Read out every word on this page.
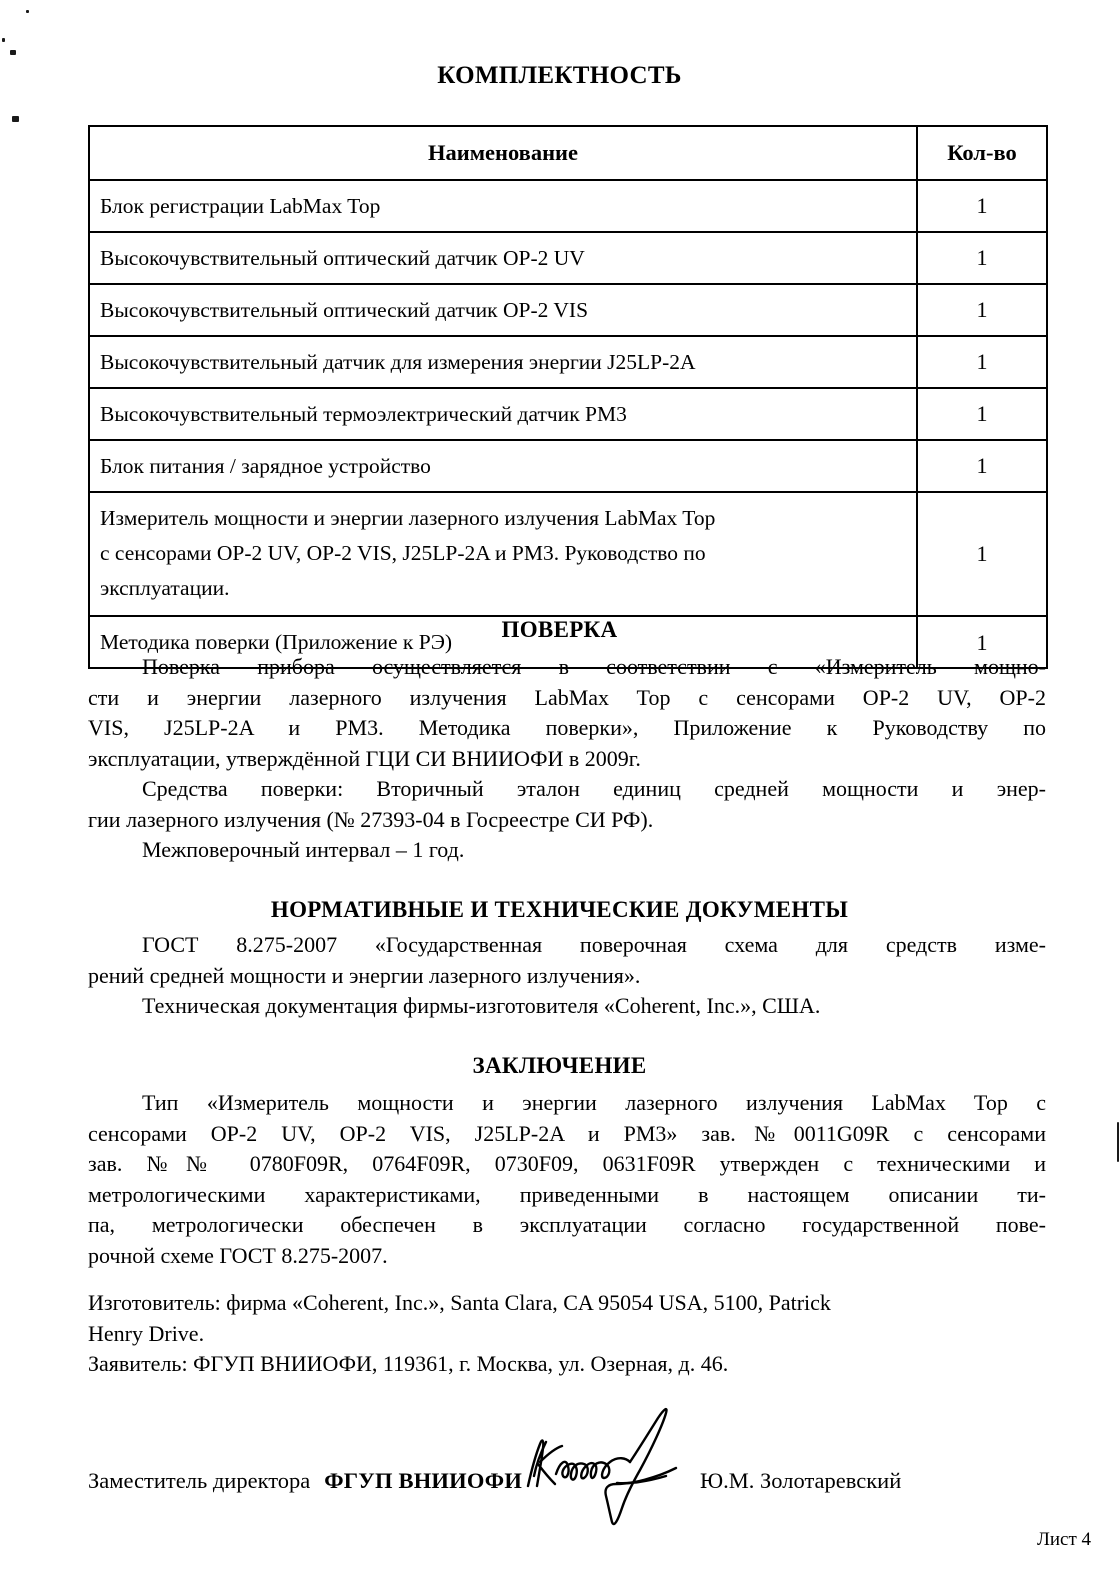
КОМПЛЕКТНОСТЬ
Наименование	Кол-во
Блок регистрации LabMax Top	1
Высокочувствительный оптический датчик OP-2 UV	1
Высокочувствительный оптический датчик OP-2 VIS	1
Высокочувствительный датчик для измерения энергии J25LP-2A	1
Высокочувствительный термоэлектрический датчик PM3	1
Блок питания / зарядное устройство	1

Измеритель мощности и энергии лазерного излучения LabMax Top
с сенсорами OP-2 UV, OP-2 VIS, J25LP-2A и PM3. Руководство по
эксплуатации.	1
Методика поверки (Приложение к РЭ)	1
ПОВЕРКА
Поверка прибора осуществляется в соответствии с «Измеритель мощно-
сти и энергии лазерного излучения LabMax Top с сенсорами OP-2 UV, OP-2
VIS, J25LP-2A и PM3. Методика поверки», Приложение к Руководству по
эксплуатации, утверждённой ГЦИ СИ ВНИИОФИ в 2009г.
Средства поверки: Вторичный эталон единиц средней мощности и энер-
гии лазерного излучения (№ 27393-04 в Госреестре СИ РФ).
Межповерочный интервал – 1 год.
НОРМАТИВНЫЕ И ТЕХНИЧЕСКИЕ ДОКУМЕНТЫ
ГОСТ 8.275-2007 «Государственная поверочная схема для средств изме-
рений средней мощности и энергии лазерного излучения».
Техническая документация фирмы-изготовителя «Coherent, Inc.», США.
ЗАКЛЮЧЕНИЕ
Тип «Измеритель мощности и энергии лазерного излучения LabMax Top с
сенсорами OP-2 UV, OP-2 VIS, J25LP-2A и PM3» зав.№0011G09R с сенсорами
зав. №№ 0780F09R, 0764F09R, 0730F09, 0631F09R утвержден с техническими и
метрологическими характеристиками, приведенными в настоящем описании ти-
па, метрологически обеспечен в эксплуатации согласно государственной пове-
рочной схеме ГОСТ 8.275-2007.
Изготовитель: фирма «Coherent, Inc.», Santa Clara, CA 95054 USA, 5100, Patrick
Henry Drive.
Заявитель: ФГУП ВНИИОФИ, 119361, г. Москва, ул. Озерная, д. 46.
Заместитель директора ФГУП ВНИИОФИ	Ю.М. Золотаревский
Лист 4
